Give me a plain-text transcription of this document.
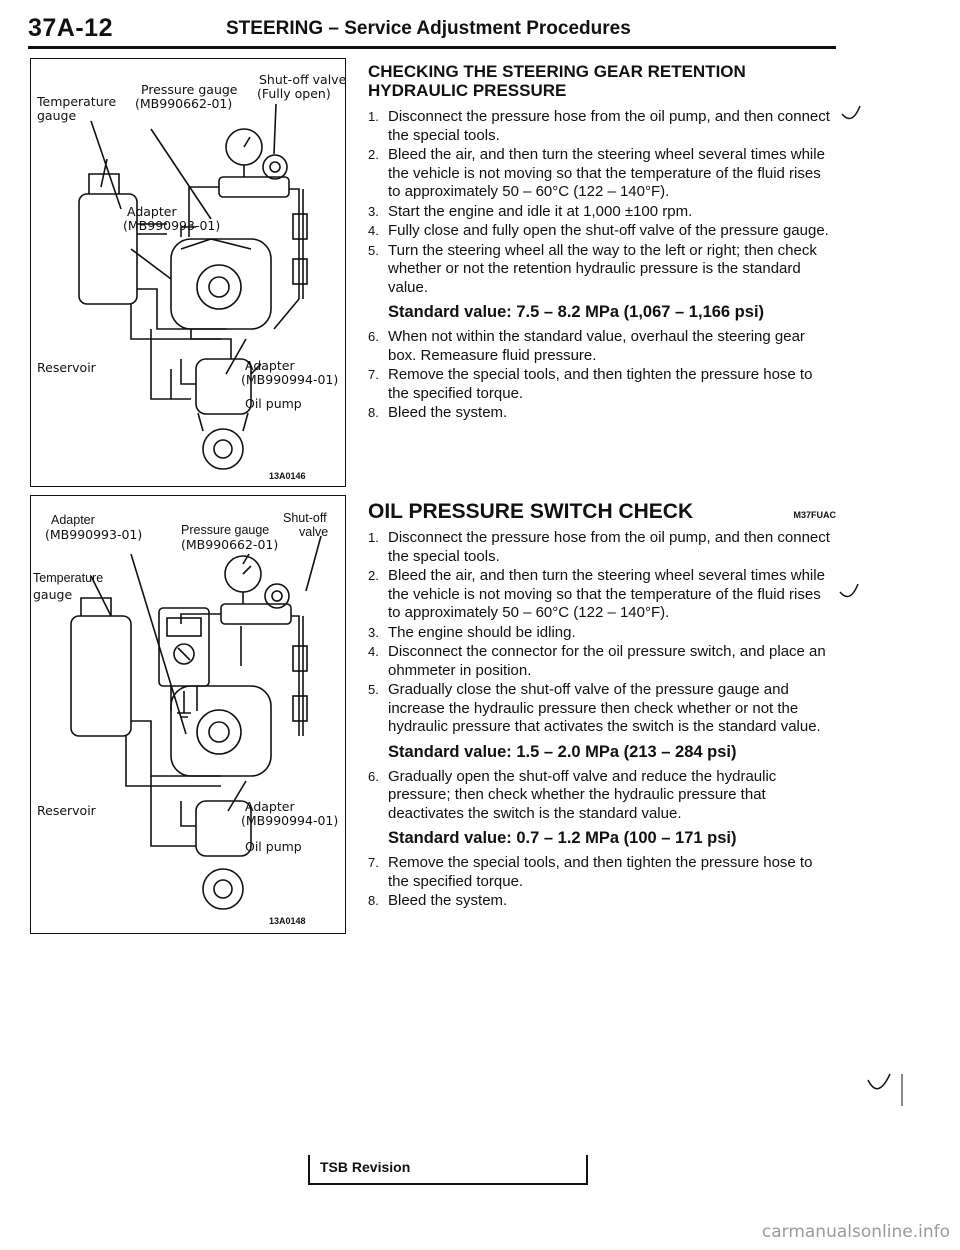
37A-12	STEERING – Service Adjustment Procedures
Shut-off valve
Pressure gauge (Fully open)
Temperature
gauge
(MB990662-01)
Adapter
(MB990993-01)
Reservoir	Adapter
(MB990994-01)
Oil pump
13A0146
Shut-off
valve
Adapter
(MB990993-01)	Pressure gauge
(MB990662-01)
Temperature
gauge
Reservoir	Adapter
(MB990994-01)
Oil pump
13A0148
CHECKING THE STEERING GEAR RETENTION HYDRAULIC PRESSURE
1. Disconnect the pressure hose from the oil pump, and then connect the special tools.
2. Bleed the air, and then turn the steering wheel several times while the vehicle is not moving so that the temperature of the fluid rises to approximately 50 – 60°C (122 – 140°F).
3. Start the engine and idle it at 1,000 ±100 rpm.
4. Fully close and fully open the shut-off valve of the pressure gauge.
5. Turn the steering wheel all the way to the left or right; then check whether or not the retention hydraulic pressure is the standard value.
Standard value: 7.5 – 8.2 MPa (1,067 – 1,166 psi)
6. When not within the standard value, overhaul the steering gear box. Remeasure fluid pressure.
7. Remove the special tools, and then tighten the pressure hose to the specified torque.
8. Bleed the system.
OIL PRESSURE SWITCH CHECK	M37FUAC
1. Disconnect the pressure hose from the oil pump, and then connect the special tools.
2. Bleed the air, and then turn the steering wheel several times while the vehicle is not moving so that the temperature of the fluid rises to approximately 50 – 60°C (122 – 140°F).
3. The engine should be idling.
4. Disconnect the connector for the oil pressure switch, and place an ohmmeter in position.
5. Gradually close the shut-off valve of the pressure gauge and increase the hydraulic pressure then check whether or not the hydraulic pressure that activates the switch is the standard value.
Standard value: 1.5 – 2.0 MPa (213 – 284 psi)
6. Gradually open the shut-off valve and reduce the hydraulic pressure; then check whether the hydraulic pressure that deactivates the switch is the standard value.
Standard value: 0.7 – 1.2 MPa (100 – 171 psi)
7. Remove the special tools, and then tighten the pressure hose to the specified torque.
8. Bleed the system.
TSB Revision
carmanualsonline.info
